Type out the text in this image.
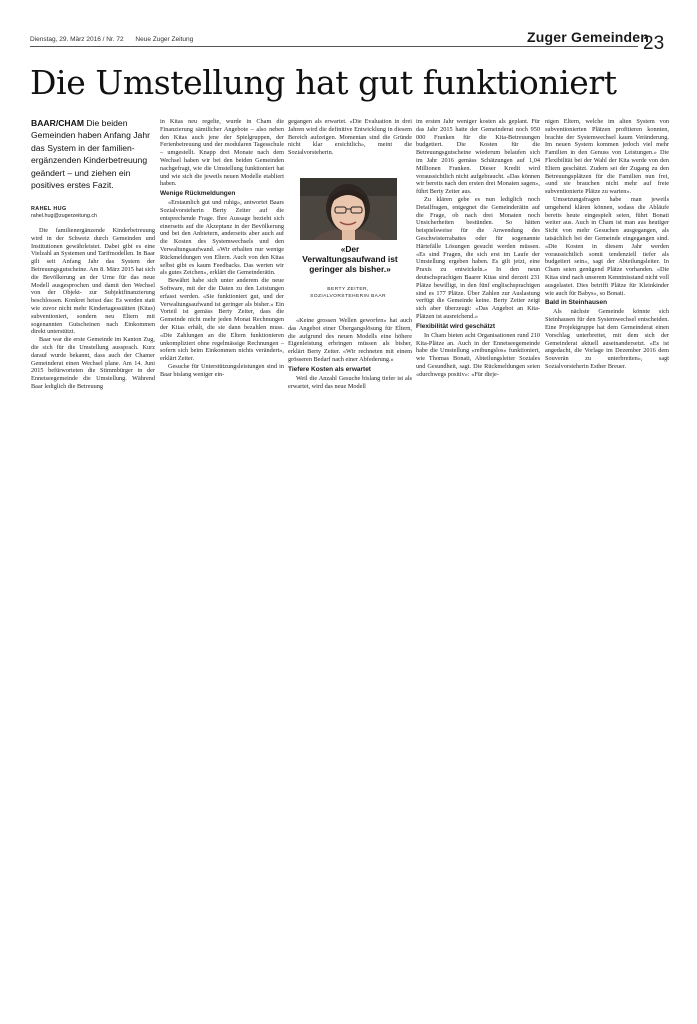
Dienstag, 29. März 2016 / Nr. 72 Neue Zuger Zeitung	Zuger Gemeinden
23
Die Umstellung hat gut funktioniert
BAAR/CHAM Die beiden Gemeinden haben Anfang Jahr das System in der familien-ergänzenden Kinderbetreuung geändert – und ziehen ein positives erstes Fazit.
RAHEL HUG
rahel.hug@zugerzeitung.ch

Die familienergänzende Kinderbetreuung wird in der Schweiz durch Gemeinden und Institutionen gewährleistet. Dabei gibt es eine Vielzahl an Systemen und Tarifmodellen. In Baar gilt seit Anfang Jahr das System der Betreuungsgutscheine. Am 8. März 2015 hat sich die Bevölkerung an der Urne für das neue Modell ausgesprochen und damit den Wechsel von der Objekt- zur Subjektfinanzierung beschlossen. Konkret heisst das: Es werden statt wie zuvor nicht mehr Kindertagesstätten (Kitas) subventioniert, sondern neu Eltern mit sogenannten Gutscheinen nach Einkommen direkt unterstützt.

Baar war die erste Gemeinde im Kanton Zug, die sich für die Umstellung aussprach. Kurz darauf wurde bekannt, dass auch der Chamer Gemeinderat einen Wechsel plane. Am 14. Juni 2015 befürworteten die Stimmbürger in der Ennetseegemeinde die Umstellung. Während Baar lediglich die Betreuung

in Kitas neu regelte, wurde in Cham die Finanzierung sämtlicher Angebote – also neben den Kitas auch jene der Spielgruppen, der Ferienbetreuung und der modularen Tagesschule – umgestellt. Knapp drei Monate nach dem Wechsel haben wir bei den beiden Gemeinden nachgefragt, wie die Umstellung funktioniert hat und wie sich die jeweils neuen Modelle etabliert haben.

Wenige Rückmeldungen

«Erstaunlich gut und ruhig», antwortet Baars Sozialvorsteherin Berty Zeiter auf die entsprechende Frage. Ihre Aussage bezieht sich einerseits auf die Akzeptanz in der Bevölkerung und bei den Anbietern, anderseits aber auch auf die Kosten des Systemwechsels und den Verwaltungsaufwand. «Wir erhalten nur wenige Rückmeldungen von Eltern. Auch von den Kitas selbst gibt es kaum Feedbacks. Das werten wir als gutes Zeichen», erklärt die Gemeinderätin.

Bewährt habe sich unter anderem die neue Software, mit der die Daten zu den Leistungen erfasst werden. «Sie funktioniert gut, und der Verwaltungsaufwand ist geringer als bisher.» Ein Vorteil ist gemäss Berty Zeiter, dass die Gemeinde nicht mehr jeden Monat Rechnungen der Kitas erhält, die sie dann bezahlen muss. «Die Zahlungen an die Eltern funktionieren unkompliziert ohne regelmässige Rechnungen – sofern sich beim Einkommen nichts verändert», erklärt Zeiter.

Gesuche für Unterstützungsleistungen sind in Baar bislang weniger ein-

gegangen als erwartet. «Die Evaluation in drei Jahren wird die definitive Entwicklung in diesem Bereich aufzeigen. Momentan sind die Gründe nicht klar ersichtlich», meint die Sozialvorsteherin.

«Der Verwaltungsaufwand ist geringer als bisher.»
BERTY ZEITER,
SOZIALVORSTEHERIN BAAR

«Keine grossen Wellen geworfen» hat auch das Angebot einer Übergangslösung für Eltern, die aufgrund des neuen Modells eine höhere Eigenleistung erbringen müssen als bisher, erklärt Berty Zeiter. «Wir rechneten mit einem grösseren Bedarf nach einer Abfederung.»

Tiefere Kosten als erwartet

Weil die Anzahl Gesuche bislang tiefer ist als erwartet, wird das neue Modell

im ersten Jahr weniger kosten als geplant. Für das Jahr 2015 hatte der Gemeinderat noch 950 000 Franken für die Kita-Betreuungen budgetiert. Die Kosten für die Betreuungsgutscheine wiederum belaufen sich im Jahr 2016 gemäss Schätzungen auf 1,04 Millionen Franken. Dieser Kredit wird voraussichtlich nicht aufgebraucht. «Das können wir bereits nach den ersten drei Monaten sagen», führt Berty Zeiter aus.

Zu klären gebe es nun lediglich noch Detailfragen, entgegnet die Gemeinderätin auf die Frage, ob nach drei Monaten noch Unsicherheiten bestünden. So hätten beispielsweise für die Anwendung des Geschwisterrabattes oder für sogenannte Härtefälle Lösungen gesucht werden müssen. «Es sind Fragen, die sich erst im Laufe der Umstellung ergeben haben. Es gilt jetzt, eine Praxis zu entwickeln.» In den neun deutschsprachigen Baarer Kitas sind derzeit 231 Plätze bewilligt, in den fünf englischsprachigen sind es 177 Plätze. Über Zahlen zur Auslastung verfügt die Gemeinde keine. Berty Zeiter zeigt sich aber überzeugt: «Das Angebot an Kita-Plätzen ist ausreichend.»

Flexibilität wird geschätzt

In Cham bieten acht Organisationen rund 210 Kita-Plätze an. Auch in der Ennetseegemeinde habe die Umstellung «reibungslos» funktioniert, wie Thomas Bonati, Abteilungsleiter Soziales und Gesundheit, sagt. Die Rückmeldungen seien «durchwegs positiv»: «Für dieje-

nigen Eltern, welche im alten System von subventionierten Plätzen profitieren konnten, brachte der Systemwechsel kaum Veränderung. Im neuen System kommen jedoch viel mehr Familien in den Genuss von Leistungen.» Die Flexibilität bei der Wahl der Kita werde von den Eltern geschätzt. Zudem sei der Zugang zu den Betreuungsplätzen für die Familien nun frei, «und sie brauchen nicht mehr auf freie subventionierte Plätze zu warten».

Umsetzungsfragen habe man jeweils umgehend klären können, sodass die Abläufe bereits heute eingespielt seien, führt Bonati weiter aus. Auch in Cham ist man aus heutiger Sicht von mehr Gesuchen ausgegangen, als tatsächlich bei der Gemeinde eingegangen sind. «Die Kosten in diesem Jahr werden voraussichtlich somit tendenziell tiefer als budgetiert sein», sagt der Abteilungsleiter. In Cham seien genügend Plätze vorhanden. «Die Kitas sind nach unserem Kenntnisstand nicht voll ausgelastet. Dies betrifft Plätze für Kleinkinder wie auch für Babys», so Bonati.

Bald in Steinhausen

Als nächste Gemeinde könnte sich Steinhausen für den Systemwechsel entscheiden. Eine Projektgruppe hat dem Gemeinderat einen Vorschlag unterbreitet, mit dem sich der Gemeinderat aktuell auseinandersetzt. «Es ist angedacht, die Vorlage im Dezember 2016 dem Souverän zu unterbreiten», sagt Sozialvorsteherin Esther Breuer.
